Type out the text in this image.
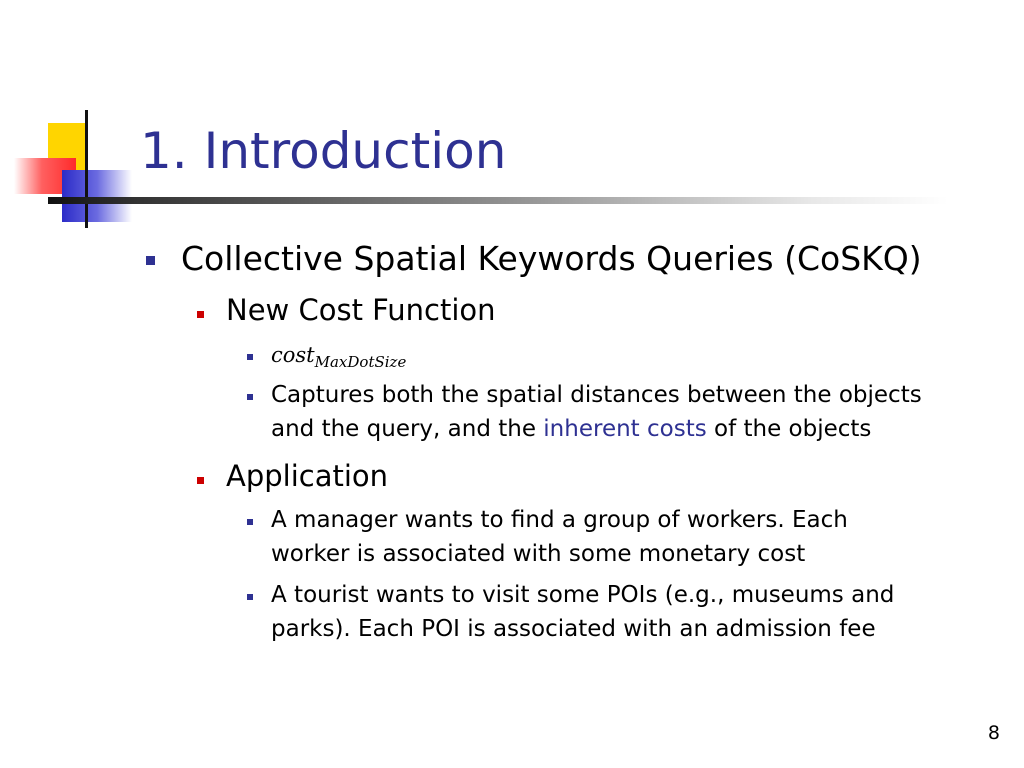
1. Introduction
Collective Spatial Keywords Queries (CoSKQ)
New Cost Function
cost$_{MaxDotSize}$
Captures both the spatial distances between the objects
and the query, and the inherent costs of the objects
Application
A manager wants to find a group of workers. Each
worker is associated with some monetary cost
A tourist wants to visit some POIs (e.g., museums and
parks). Each POI is associated with an admission fee
8
